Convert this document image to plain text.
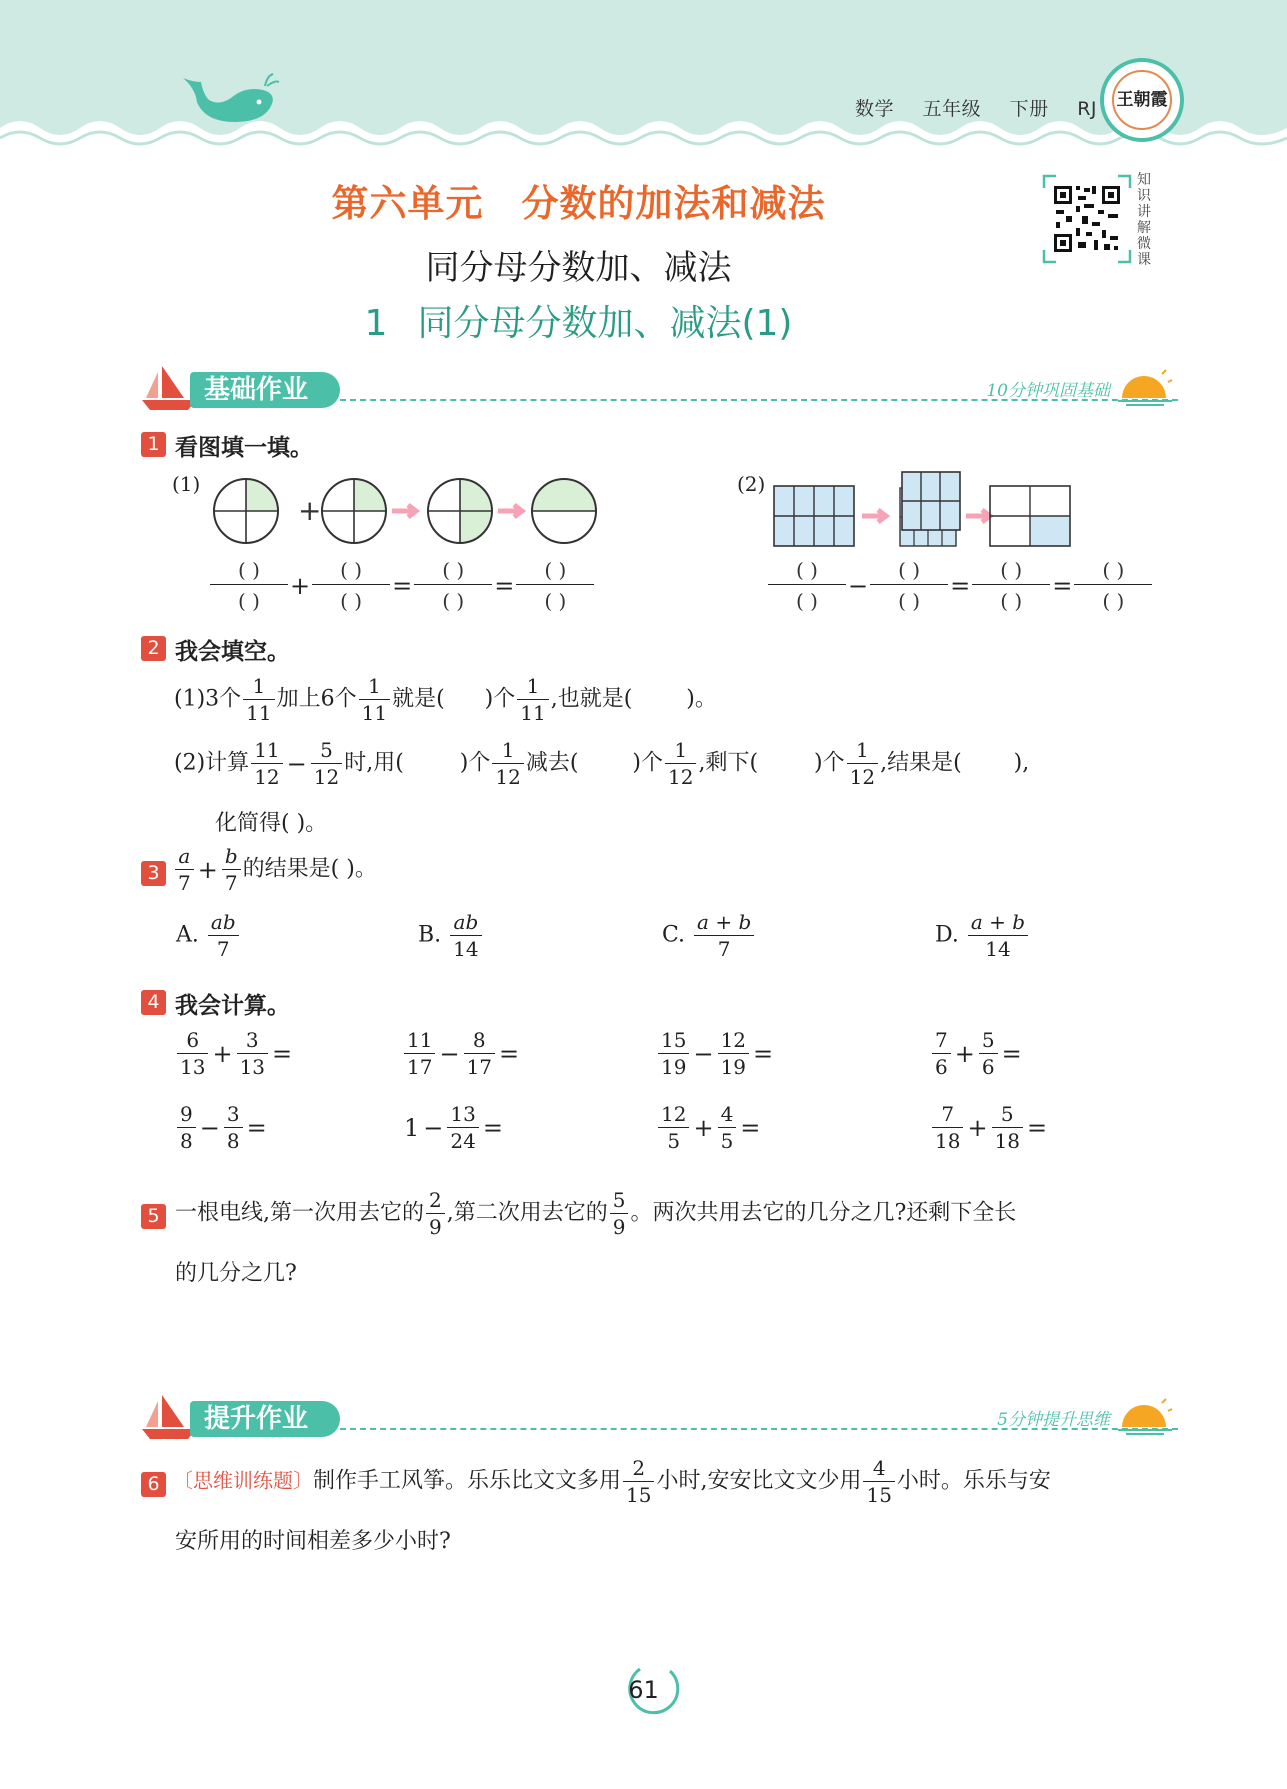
数学 五年级 下册 RJ	王朝霞
第六单元 分数的加法和减法
同分母分数加、减法
1 同分母分数加、减法(1)
知识讲解微课
基础作业	10分钟巩固基础
1 看图填一填。
(1)	(2)
+
( )
( )
+
( )
( )
=
( )
( )
=
( )
( )
( )
( )
−
( )
( )
=
( )
( )
=
( )
( )
2 我会填空。
(1)3个 $\frac{1}{11}$ 加上6个 $\frac{1}{11}$ 就是( )个 $\frac{1}{11}$ ,也就是( )。
(2)计算 $\frac{11}{12} - \frac{5}{12}$ 时,用(	)个 $\frac{1}{12}$ 减去( )个 $\frac{1}{12}$ ,剩下(	)个 $\frac{1}{12}$ ,结果是( ),
化简得( )。
$3 \frac{a}{7} + \frac{b}{7}$ 的结果是( )。
A. $\frac{ab}{7}$	B. $\frac{ab}{14}$	C. $\frac{a + b}{7}$	D. $\frac{a + b}{14}$
4 我会计算。
$\frac{6}{13} + \frac{3}{13}$ =	$\frac{11}{17} - \frac{8}{17}$ =	$\frac{15}{19} - \frac{12}{19}$ =	$\frac{7}{6} + \frac{5}{6}$ =
$\frac{9}{8} - \frac{3}{8}$ =	$1 - \frac{13}{24}$ =	$\frac{12}{5} + \frac{4}{5}$ =	$\frac{7}{18} + \frac{5}{18}$ =
5 一根电线,第一次用去它的 $\frac{2}{9}$ ,第二次用去它的 $\frac{5}{9}$ 。两次共用去它的几分之几?还剩下全长
的几分之几?
提升作业	5分钟提升思维
6 〔思维训练题〕制作手工风筝。乐乐比文文多用 $\frac{2}{15}$ 小时,安安比文文少用 $\frac{4}{15}$ 小时。乐乐与安
安所用的时间相差多少小时?
61
